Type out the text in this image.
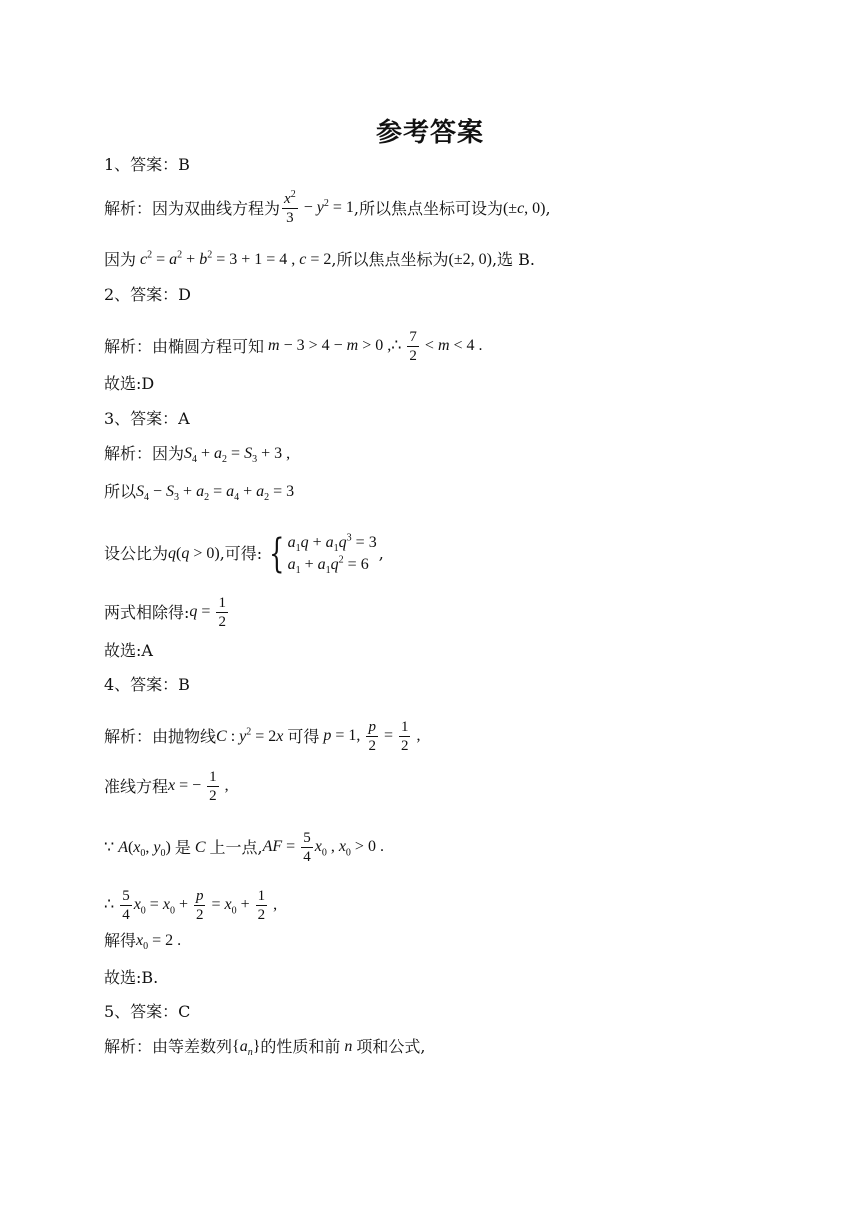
参考答案
1、答案：B
解析：因为双曲线方程为 $\frac{x^2}{3} - y^2 = 1$ ,所以焦点坐标可设为 (±c, 0) ,
因为 $c^2 = a^2 + b^2 = 3 + 1 = 4$ , c = 2 ,所以焦点坐标为 (±2, 0) ,选 B.
2、答案：D
解析：由椭圆方程可知 m − 3 > 4 − m > 0 ,∴ $\frac{7}{2} < m < 4$ .
故选:D
3、答案：A
解析：因为 $S_4 + a_2 = S_3 + 3$ ,
所以 $S_4 - S_3 + a_2 = a_4 + a_2 = 3$
设公比为 q(q > 0) ,可得: { $a_1q + a_1q^3 = 3$
$a_1 + a_1q^2 = 6$
,
两式相除得: $q = \frac{1}{2}$
故选:A
4、答案：B
解析：由抛物线 C : $y^2 = 2x$ 可得 p = 1, $\frac{p}{2} = \frac{1}{2}$ ,
准线方程 x = − $\frac{1}{2}$ ,
∵ $A(x_0$, $y_0$) 是 C 上一点, AF = $\frac{5}{4} x_0$ , $x_0 > 0$ .
∴ $\frac{5}{4} x_0 = x_0 + \frac{p}{2} = x_0 + \frac{1}{2}$ ,
解得 $x_0 = 2$ .
故选:B.
5、答案：C
解析：由等差数列 $\{a_n\}$ 的性质和前 n 项和公式,
